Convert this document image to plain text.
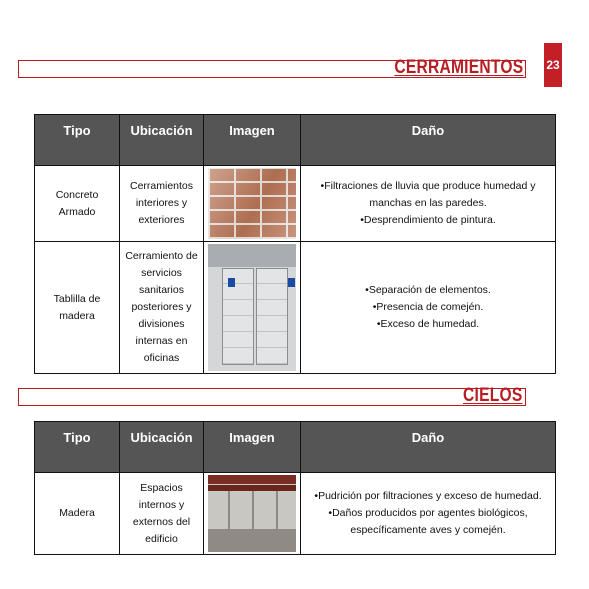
23
CERRAMIENTOS
Tipo	Ubicación	Imagen	Daño
Concreto Armado	Cerramientos interiores y exteriores		•Filtraciones de lluvia que produce humedad y manchas en las paredes.
•Desprendimiento de pintura.

Tablilla de madera	Cerramiento de servicios sanitarios posteriores y divisiones internas en oficinas		•Separación de elementos.
•Presencia de comején.
•Exceso de humedad.
CIELOS
Tipo	Ubicación	Imagen	Daño
Madera	Espacios internos y externos del edificio		•Pudrición por filtraciones y exceso de humedad.
•Daños producidos por agentes biológicos, específicamente aves y comején.
